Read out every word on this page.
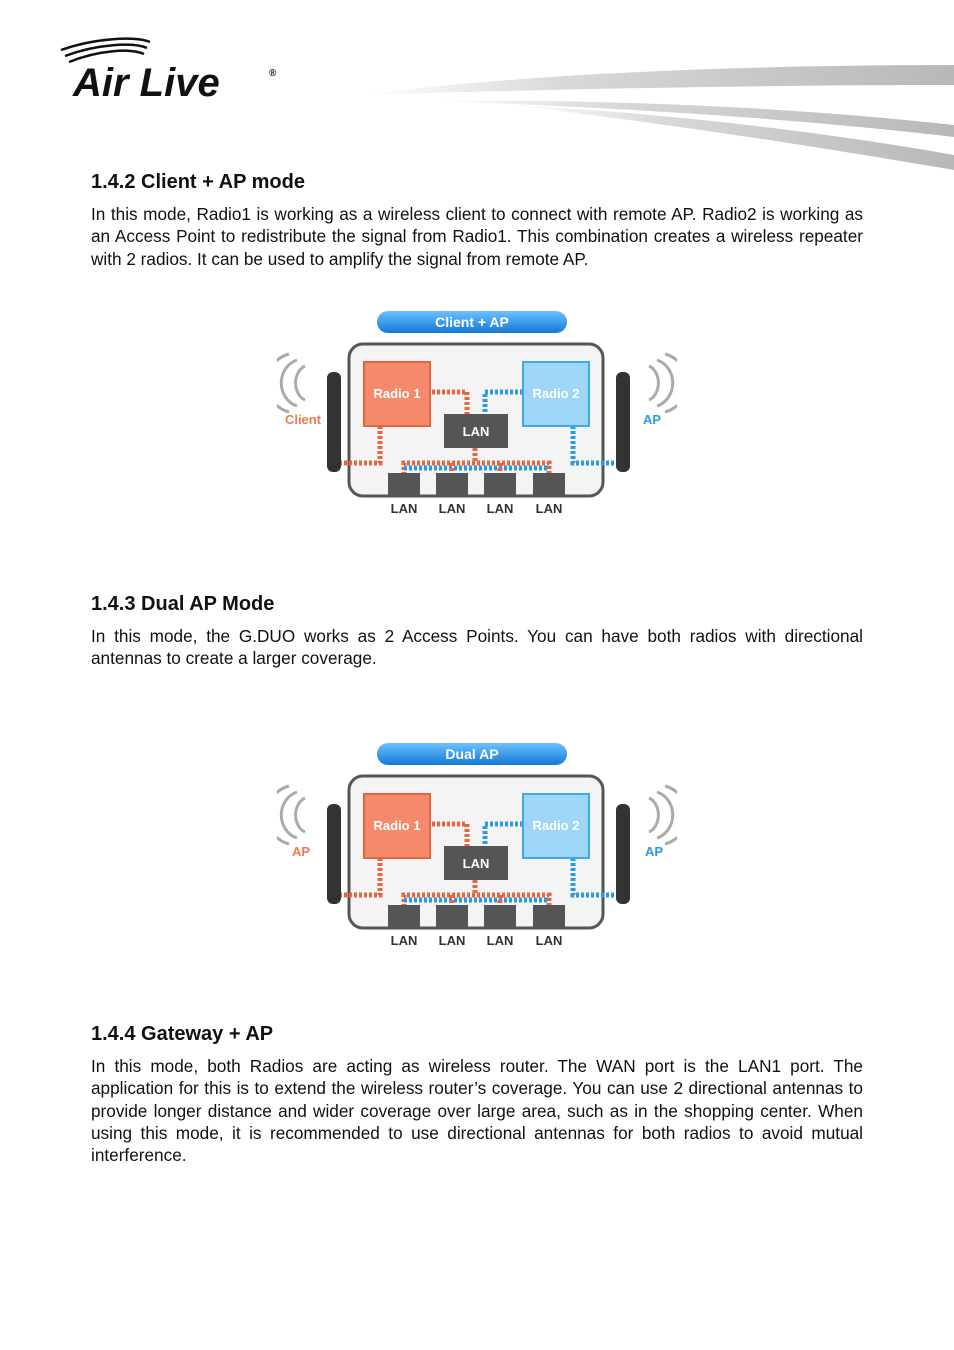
Air Live	®
1.4.2 Client + AP mode

In this mode, Radio1 is working as a wireless client to connect with remote AP. Radio2 is working as an Access Point to redistribute the signal from Radio1. This combination creates a wireless repeater with 2 radios. It can be used to amplify the signal from remote AP.

Client + AP
Radio 1	Radio 2
LAN
Client	AP
LAN LAN LAN LAN
1.4.3 Dual AP Mode

In this mode, the G.DUO works as 2 Access Points. You can have both radios with directional antennas to create a larger coverage.

Dual AP
Radio 1	Radio 2
LAN
AP	AP
LAN LAN LAN LAN
1.4.4 Gateway + AP

In this mode, both Radios are acting as wireless router. The WAN port is the LAN1 port. The application for this is to extend the wireless router’s coverage. You can use 2 directional antennas to provide longer distance and wider coverage over large area, such as in the shopping center. When using this mode, it is recommended to use directional antennas for both radios to avoid mutual interference.
